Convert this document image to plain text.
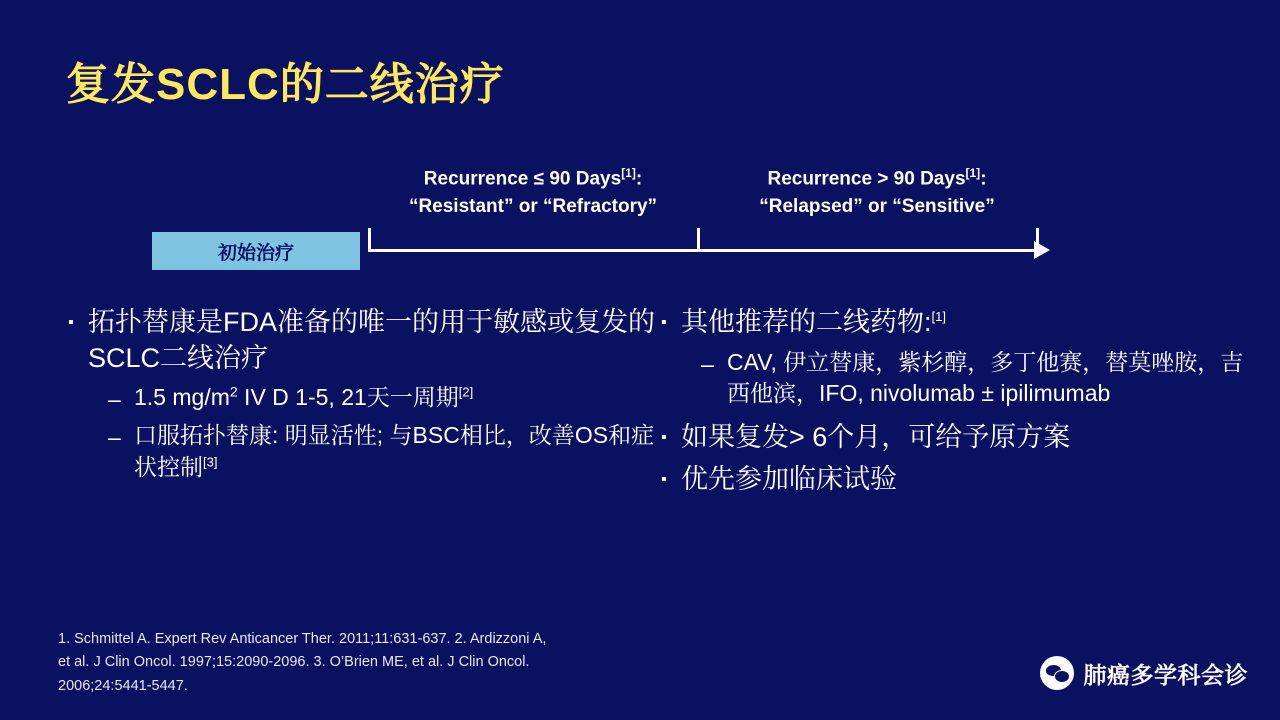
复发SCLC的二线治疗
Recurrence ≤ 90 Days[1]:
“Resistant” or “Refractory”
Recurrence > 90 Days[1]:
“Relapsed” or “Sensitive”
初始治疗
▪ 拓扑替康是FDA准备的唯一的用于敏感或复发的SCLC二线治疗
– 1.5 $mg/m^2$ IV D 1-5, 21天一周期[2]
– 口服拓扑替康: 明显活性; 与BSC相比，改善OS和症状控制[3]
▪ 其他推荐的二线药物:[1]
– CAV, 伊立替康，紫杉醇，多丁他赛，替莫唑胺，吉西他滨，IFO, nivolumab ± ipilimumab
▪ 如果复发> 6个月，可给予原方案
▪ 优先参加临床试验
1. Schmittel A. Expert Rev Anticancer Ther. 2011;11:631-637. 2. Ardizzoni A,
et al. J Clin Oncol. 1997;15:2090-2096. 3. O’Brien ME, et al. J Clin Oncol.
2006;24:5441-5447.	肺癌多学科会诊
